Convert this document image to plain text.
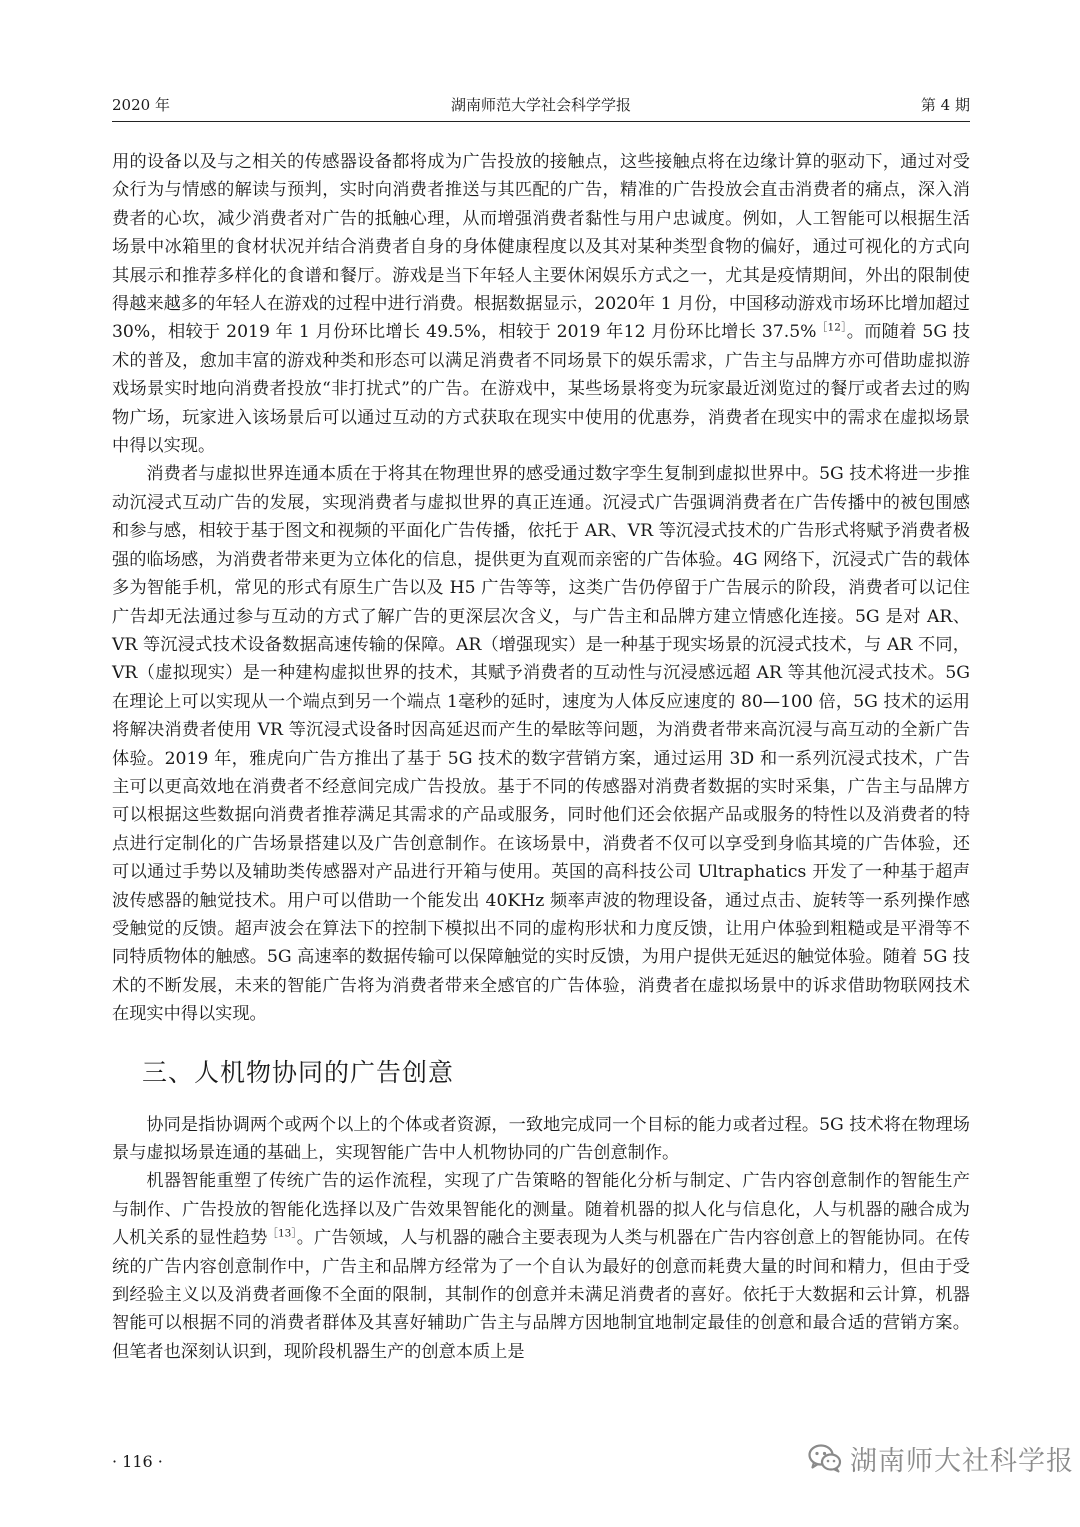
2020 年	湖南师范大学社会科学学报	第 4 期

用的设备以及与之相关的传感器设备都将成为广告投放的接触点，这些接触点将在边缘计算的驱动下，通过对受众行为与情感的解读与预判，实时向消费者推送与其匹配的广告，精准的广告投放会直击消费者的痛点，深入消费者的心坎，减少消费者对广告的抵触心理，从而增强消费者黏性与用户忠诚度。例如，人工智能可以根据生活场景中冰箱里的食材状况并结合消费者自身的身体健康程度以及其对某种类型食物的偏好，通过可视化的方式向其展示和推荐多样化的食谱和餐厅。游戏是当下年轻人主要休闲娱乐方式之一，尤其是疫情期间，外出的限制使得越来越多的年轻人在游戏的过程中进行消费。根据数据显示，2020年 1 月份，中国移动游戏市场环比增加超过 30%，相较于 2019 年 1 月份环比增长 49.5%，相较于 2019 年12 月份环比增长 37.5%$^{[12]}$。而随着 5G 技术的普及，愈加丰富的游戏种类和形态可以满足消费者不同场景下的娱乐需求，广告主与品牌方亦可借助虚拟游戏场景实时地向消费者投放“非打扰式”的广告。在游戏中，某些场景将变为玩家最近浏览过的餐厅或者去过的购物广场，玩家进入该场景后可以通过互动的方式获取在现实中使用的优惠券，消费者在现实中的需求在虚拟场景中得以实现。

消费者与虚拟世界连通本质在于将其在物理世界的感受通过数字孪生复制到虚拟世界中。5G 技术将进一步推动沉浸式互动广告的发展，实现消费者与虚拟世界的真正连通。沉浸式广告强调消费者在广告传播中的被包围感和参与感，相较于基于图文和视频的平面化广告传播，依托于 AR、VR 等沉浸式技术的广告形式将赋予消费者极强的临场感，为消费者带来更为立体化的信息，提供更为直观而亲密的广告体验。4G 网络下，沉浸式广告的载体多为智能手机，常见的形式有原生广告以及 H5 广告等等，这类广告仍停留于广告展示的阶段，消费者可以记住广告却无法通过参与互动的方式了解广告的更深层次含义，与广告主和品牌方建立情感化连接。5G 是对 AR、VR 等沉浸式技术设备数据高速传输的保障。AR（增强现实）是一种基于现实场景的沉浸式技术，与 AR 不同，VR（虚拟现实）是一种建构虚拟世界的技术，其赋予消费者的互动性与沉浸感远超 AR 等其他沉浸式技术。5G 在理论上可以实现从一个端点到另一个端点 1毫秒的延时，速度为人体反应速度的 80—100 倍，5G 技术的运用将解决消费者使用 VR 等沉浸式设备时因高延迟而产生的晕眩等问题，为消费者带来高沉浸与高互动的全新广告体验。2019 年，雅虎向广告方推出了基于 5G 技术的数字营销方案，通过运用 3D 和一系列沉浸式技术，广告主可以更高效地在消费者不经意间完成广告投放。基于不同的传感器对消费者数据的实时采集，广告主与品牌方可以根据这些数据向消费者推荐满足其需求的产品或服务，同时他们还会依据产品或服务的特性以及消费者的特点进行定制化的广告场景搭建以及广告创意制作。在该场景中，消费者不仅可以享受到身临其境的广告体验，还可以通过手势以及辅助类传感器对产品进行开箱与使用。英国的高科技公司 Ultraphatics 开发了一种基于超声波传感器的触觉技术。用户可以借助一个能发出 40KHz 频率声波的物理设备，通过点击、旋转等一系列操作感受触觉的反馈。超声波会在算法下的控制下模拟出不同的虚构形状和力度反馈，让用户体验到粗糙或是平滑等不同特质物体的触感。5G 高速率的数据传输可以保障触觉的实时反馈，为用户提供无延迟的触觉体验。随着 5G 技术的不断发展，未来的智能广告将为消费者带来全感官的广告体验，消费者在虚拟场景中的诉求借助物联网技术在现实中得以实现。

三、人机物协同的广告创意

协同是指协调两个或两个以上的个体或者资源，一致地完成同一个目标的能力或者过程。5G 技术将在物理场景与虚拟场景连通的基础上，实现智能广告中人机物协同的广告创意制作。

机器智能重塑了传统广告的运作流程，实现了广告策略的智能化分析与制定、广告内容创意制作的智能生产与制作、广告投放的智能化选择以及广告效果智能化的测量。随着机器的拟人化与信息化，人与机器的融合成为人机关系的显性趋势$^{[13]}$。广告领域，人与机器的融合主要表现为人类与机器在广告内容创意上的智能协同。在传统的广告内容创意制作中，广告主和品牌方经常为了一个自认为最好的创意而耗费大量的时间和精力，但由于受到经验主义以及消费者画像不全面的限制，其制作的创意并未满足消费者的喜好。依托于大数据和云计算，机器智能可以根据不同的消费者群体及其喜好辅助广告主与品牌方因地制宜地制定最佳的创意和最合适的营销方案。但笔者也深刻认识到，现阶段机器生产的创意本质上是

· 116 ·	湖南师大社科学报
